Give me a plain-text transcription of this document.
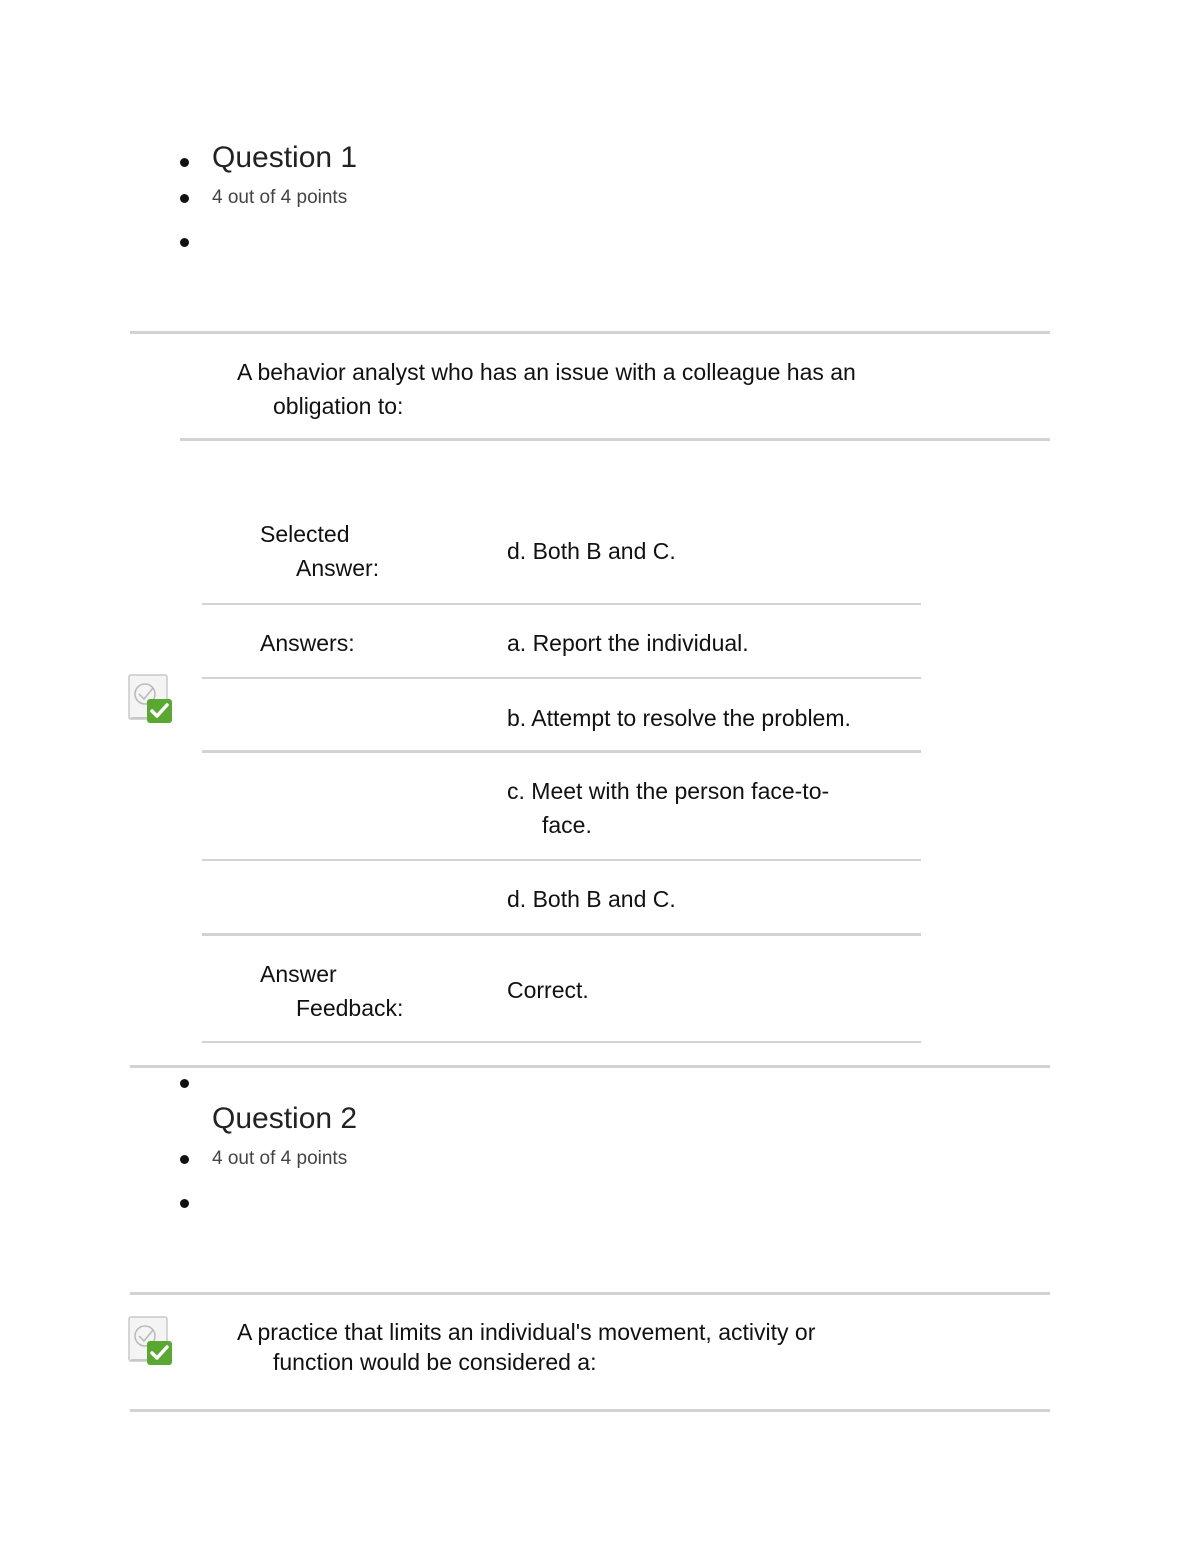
Question 1
4 out of 4 points
A behavior analyst who has an issue with a colleague has an
obligation to:
Selected
Answer:
d. Both B and C.
Answers:	a. Report the individual.
b. Attempt to resolve the problem.
c. Meet with the person face-to-
face.
d. Both B and C.
Answer
Feedback:
Correct.
Question 2
4 out of 4 points
A practice that limits an individual's movement, activity or
function would be considered a:
